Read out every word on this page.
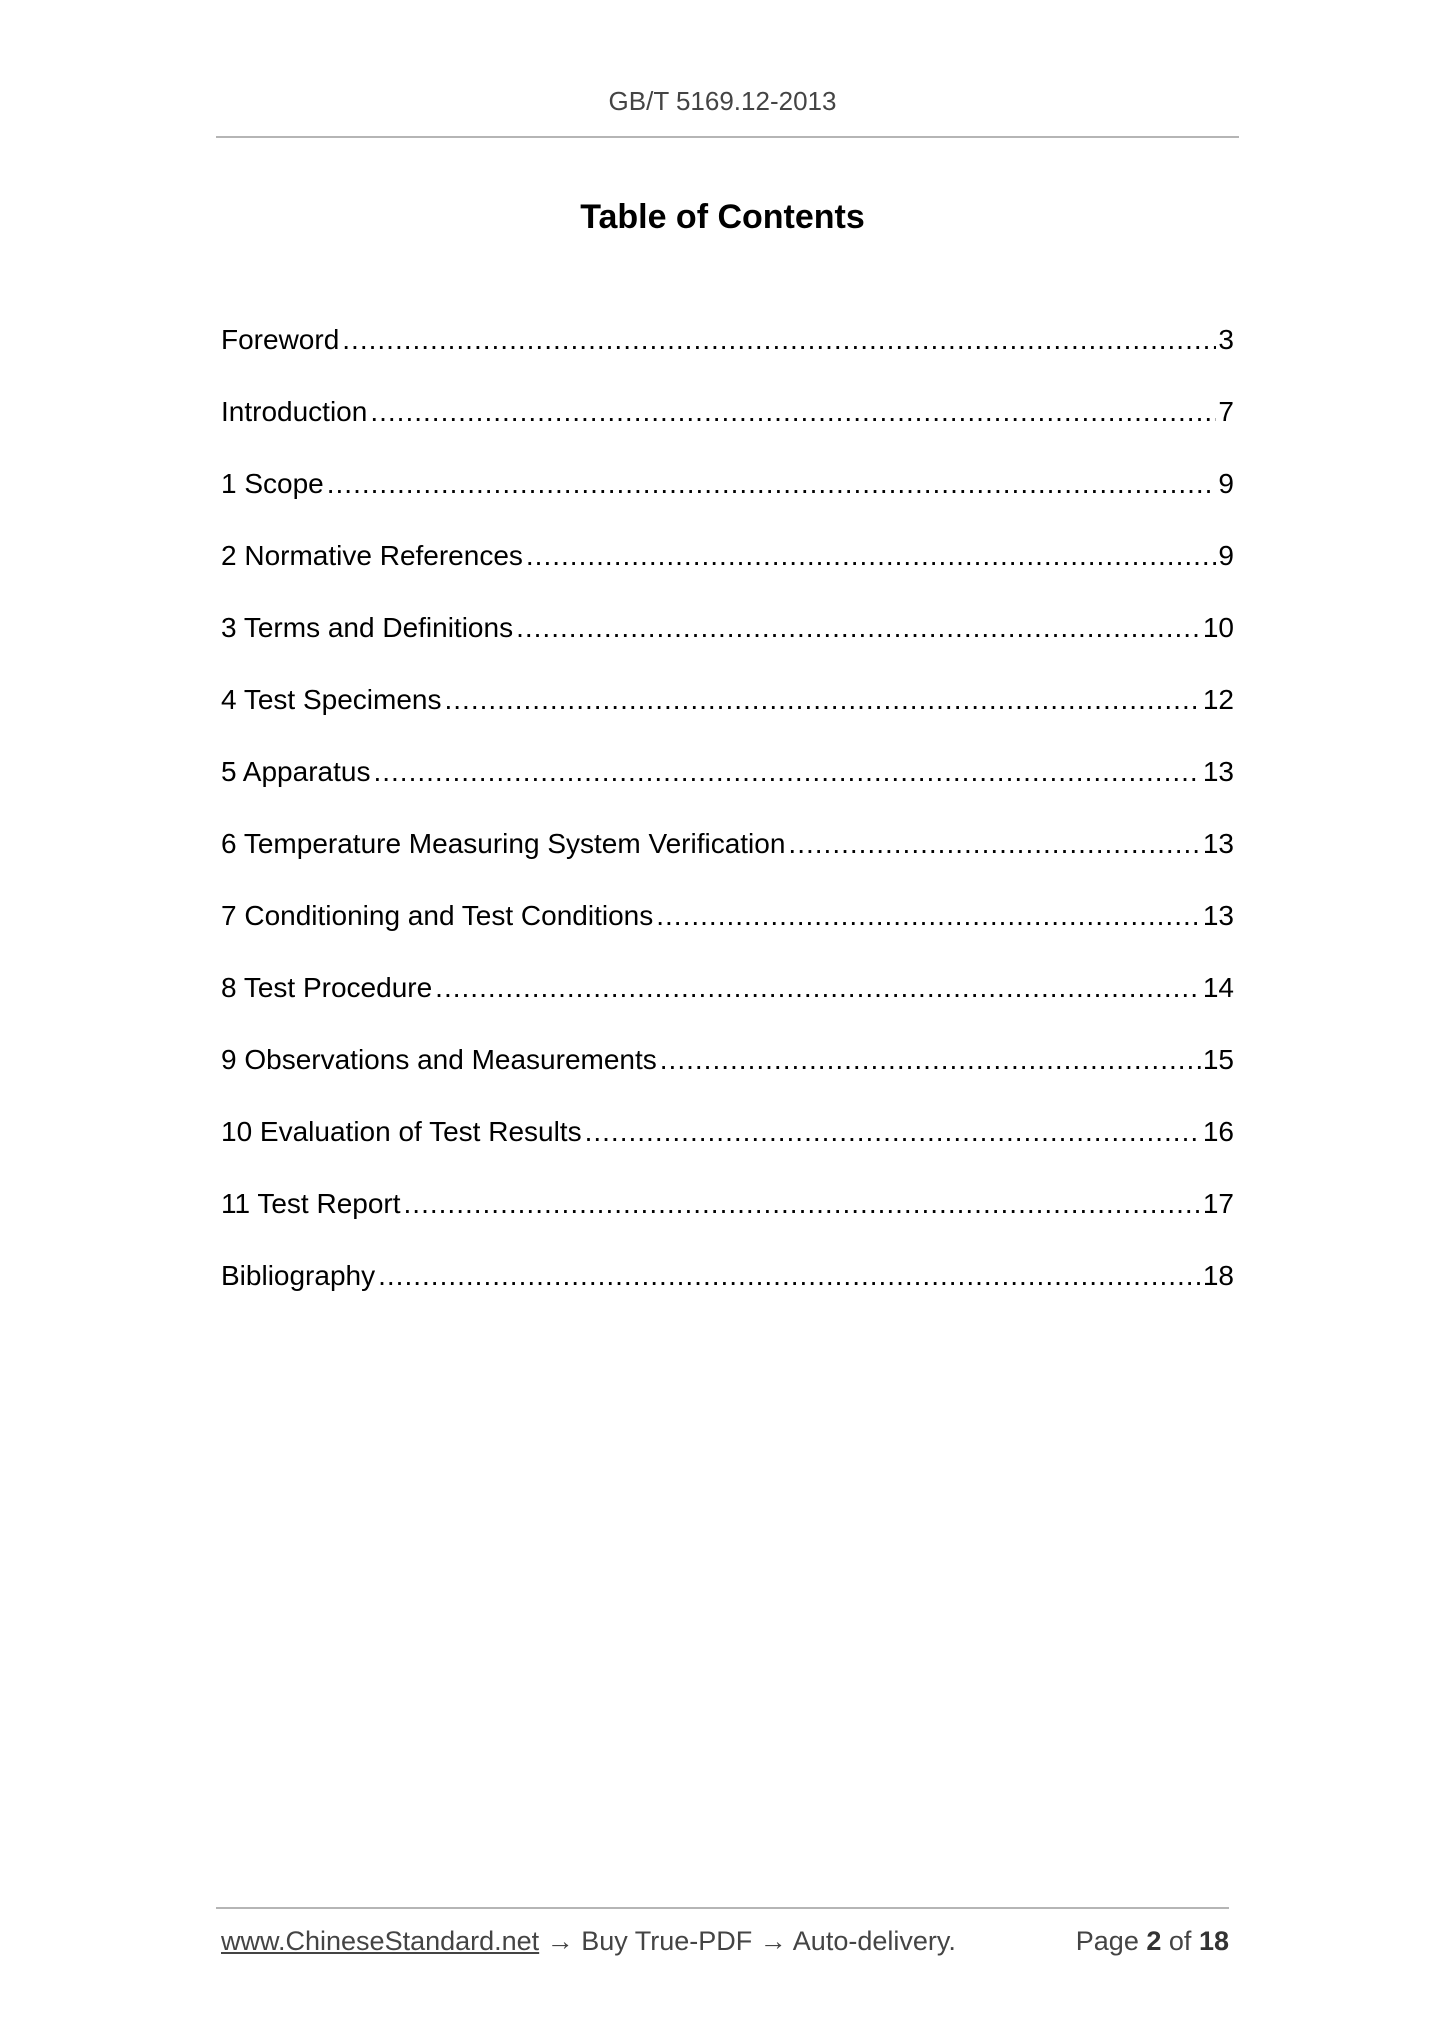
GB/T 5169.12-2013
Table of Contents
Foreword .....	3
Introduction .....	7
1 Scope .....	9
2 Normative References .....	9
3 Terms and Definitions .....	10
4 Test Specimens .....	12
5 Apparatus .....	13
6 Temperature Measuring System Verification .....	13
7 Conditioning and Test Conditions .....	13
8 Test Procedure .....	14
9 Observations and Measurements .....	15
10 Evaluation of Test Results .....	16
11 Test Report .....	17
Bibliography .....	18
www.ChineseStandard.net → Buy True-PDF → Auto-delivery.	Page 2 of 18
